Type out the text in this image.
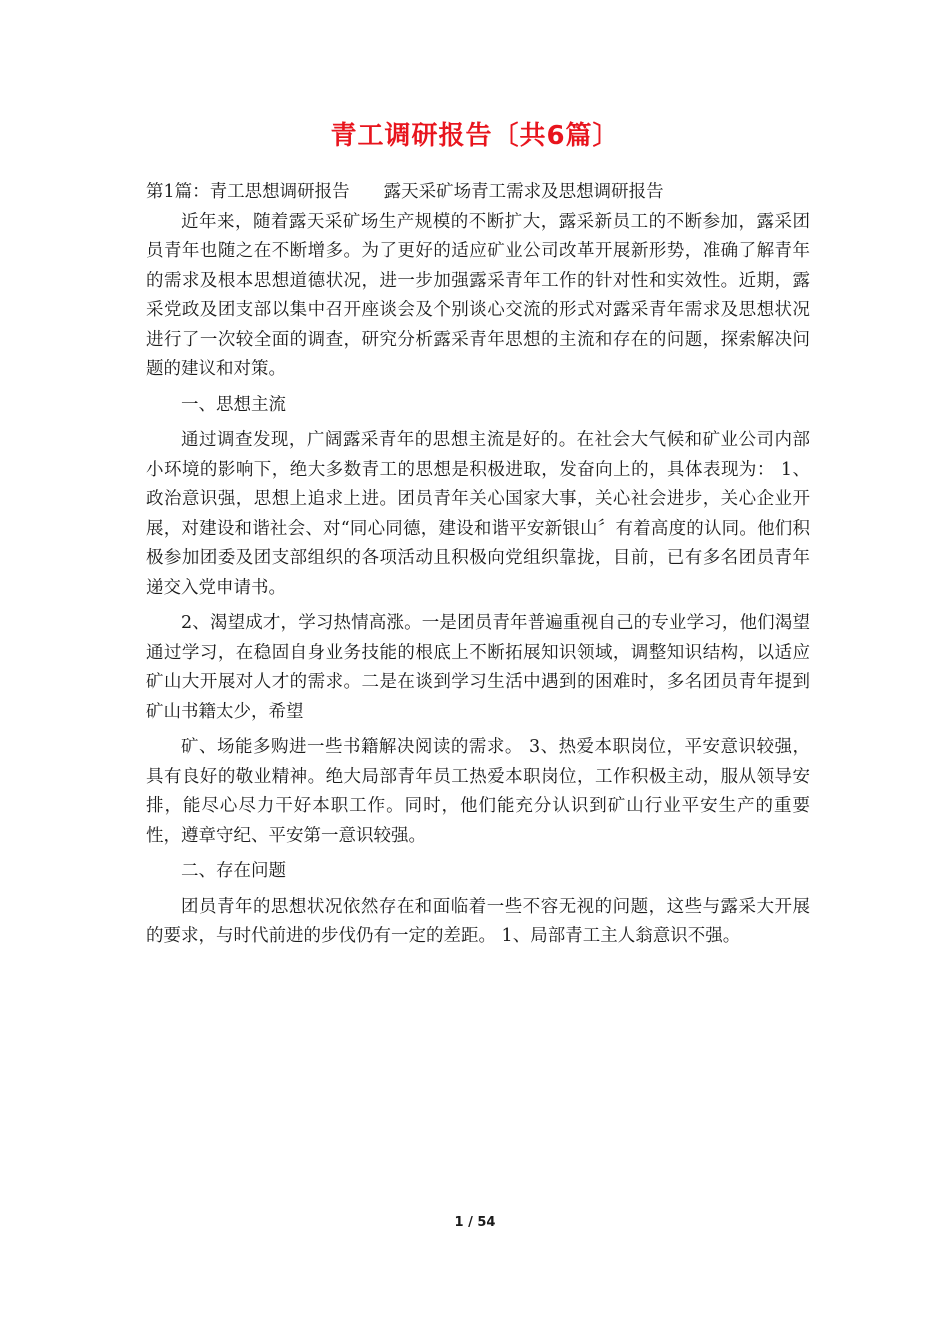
青工调研报告〔共6篇〕

第1篇：青工思想调研报告 露天采矿场青工需求及思想调研报告

近年来，随着露天采矿场生产规模的不断扩大，露采新员工的不断参加，露采团员青年也随之在不断增多。为了更好的适应矿业公司改革开展新形势，准确了解青年的需求及根本思想道德状况，进一步加强露采青年工作的针对性和实效性。近期，露采党政及团支部以集中召开座谈会及个别谈心交流的形式对露采青年需求及思想状况进行了一次较全面的调查，研究分析露采青年思想的主流和存在的问题，探索解决问题的建议和对策。

一、思想主流

通过调查发现，广阔露采青年的思想主流是好的。在社会大气候和矿业公司内部小环境的影响下，绝大多数青工的思想是积极进取，发奋向上的，具体表现为： 1、政治意识强，思想上追求上进。团员青年关心国家大事，关心社会进步，关心企业开展，对建设和谐社会、对“同心同德，建设和谐平安新银山〞有着高度的认同。他们积极参加团委及团支部组织的各项活动且积极向党组织靠拢，目前，已有多名团员青年递交入党申请书。

2、渴望成才，学习热情高涨。一是团员青年普遍重视自己的专业学习，他们渴望通过学习，在稳固自身业务技能的根底上不断拓展知识领域，调整知识结构，以适应矿山大开展对人才的需求。二是在谈到学习生活中遇到的困难时，多名团员青年提到矿山书籍太少，希望

矿、场能多购进一些书籍解决阅读的需求。 3、热爱本职岗位，平安意识较强，具有良好的敬业精神。绝大局部青年员工热爱本职岗位，工作积极主动，服从领导安排，能尽心尽力干好本职工作。同时，他们能充分认识到矿山行业平安生产的重要性，遵章守纪、平安第一意识较强。

二、存在问题

团员青年的思想状况依然存在和面临着一些不容无视的问题，这些与露采大开展的要求，与时代前进的步伐仍有一定的差距。 1、局部青工主人翁意识不强。

1 / 54
